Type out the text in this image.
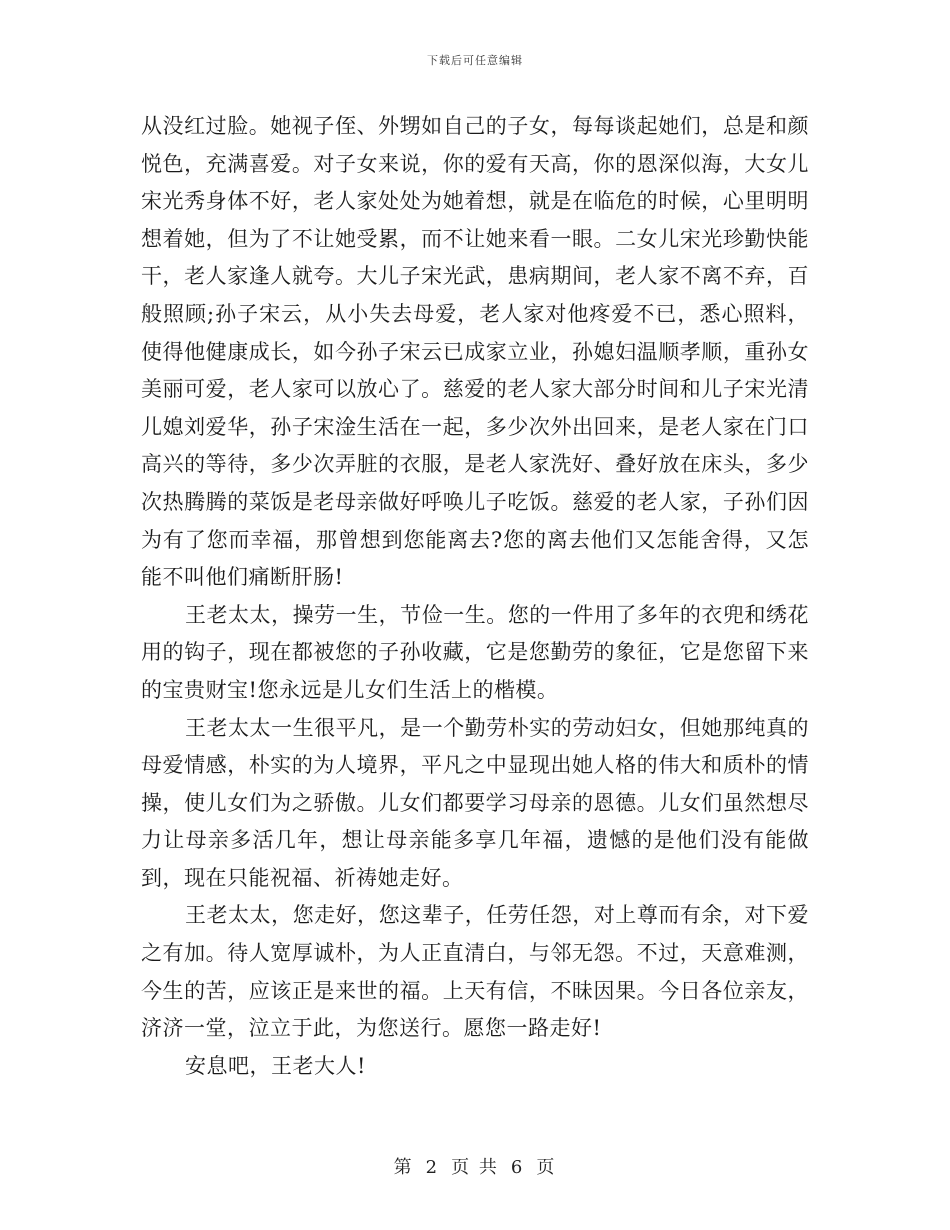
下载后可任意编辑

从没红过脸。她视子侄、外甥如自己的子女，每每谈起她们，总是和颜悦色，充满喜爱。对子女来说，你的爱有天高，你的恩深似海，大女儿宋光秀身体不好，老人家处处为她着想，就是在临危的时候，心里明明想着她，但为了不让她受累，而不让她来看一眼。二女儿宋光珍勤快能干，老人家逢人就夸。大儿子宋光武，患病期间，老人家不离不弃，百般照顾;孙子宋云，从小失去母爱，老人家对他疼爱不已，悉心照料，使得他健康成长，如今孙子宋云已成家立业，孙媳妇温顺孝顺，重孙女美丽可爱，老人家可以放心了。慈爱的老人家大部分时间和儿子宋光清儿媳刘爱华，孙子宋淦生活在一起，多少次外出回来，是老人家在门口高兴的等待，多少次弄脏的衣服，是老人家洗好、叠好放在床头，多少次热腾腾的菜饭是老母亲做好呼唤儿子吃饭。慈爱的老人家，子孙们因为有了您而幸福，那曾想到您能离去?您的离去他们又怎能舍得，又怎能不叫他们痛断肝肠!

王老太太，操劳一生，节俭一生。您的一件用了多年的衣兜和绣花用的钩子，现在都被您的子孙收藏，它是您勤劳的象征，它是您留下来的宝贵财宝!您永远是儿女们生活上的楷模。

王老太太一生很平凡，是一个勤劳朴实的劳动妇女，但她那纯真的母爱情感，朴实的为人境界，平凡之中显现出她人格的伟大和质朴的情操，使儿女们为之骄傲。儿女们都要学习母亲的恩德。儿女们虽然想尽力让母亲多活几年，想让母亲能多享几年福，遗憾的是他们没有能做到，现在只能祝福、祈祷她走好。

王老太太，您走好，您这辈子，任劳任怨，对上尊而有余，对下爱之有加。待人宽厚诚朴，为人正直清白，与邻无怨。不过，天意难测，今生的苦，应该正是来世的福。上天有信，不昧因果。今日各位亲友，济济一堂，泣立于此，为您送行。愿您一路走好!

安息吧，王老大人!

第 2 页 共 6 页
